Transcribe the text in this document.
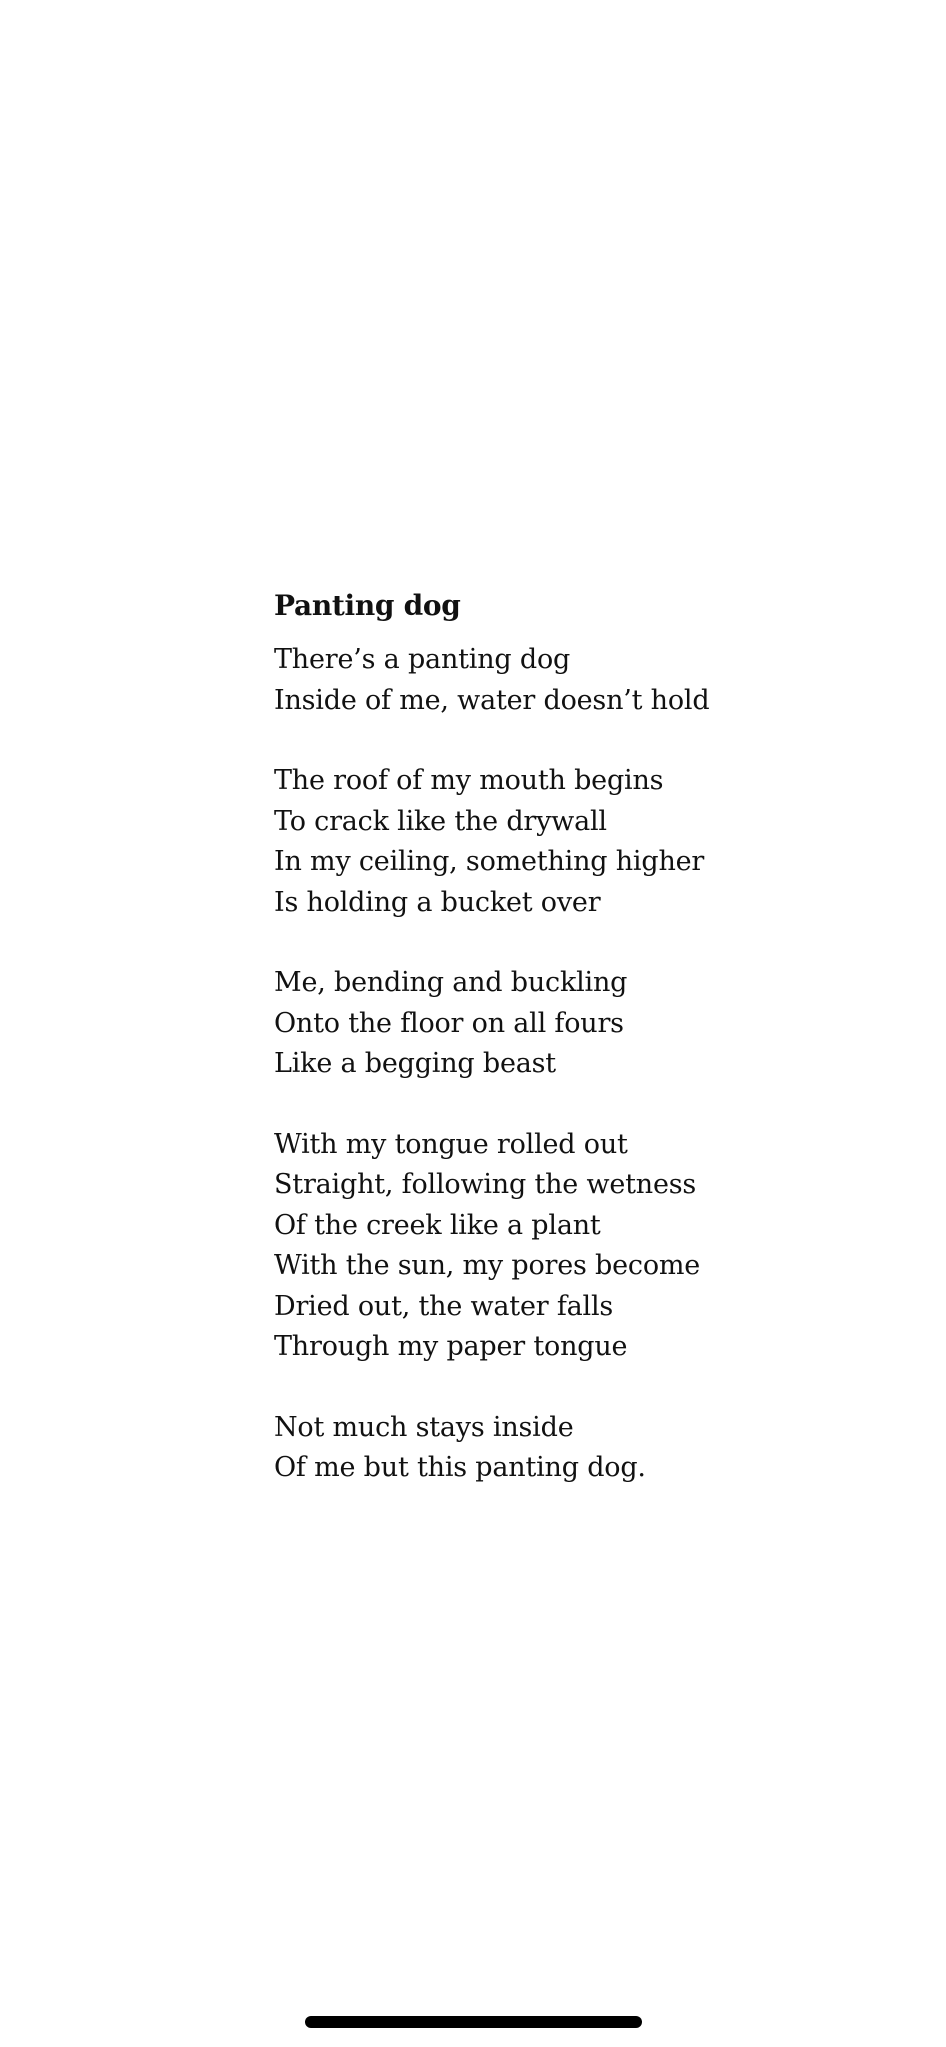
Panting dog
There’s a panting dog
Inside of me, water doesn’t hold
The roof of my mouth begins
To crack like the drywall
In my ceiling, something higher
Is holding a bucket over
Me, bending and buckling
Onto the floor on all fours
Like a begging beast
With my tongue rolled out
Straight, following the wetness
Of the creek like a plant
With the sun, my pores become
Dried out, the water falls
Through my paper tongue
Not much stays inside
Of me but this panting dog.
